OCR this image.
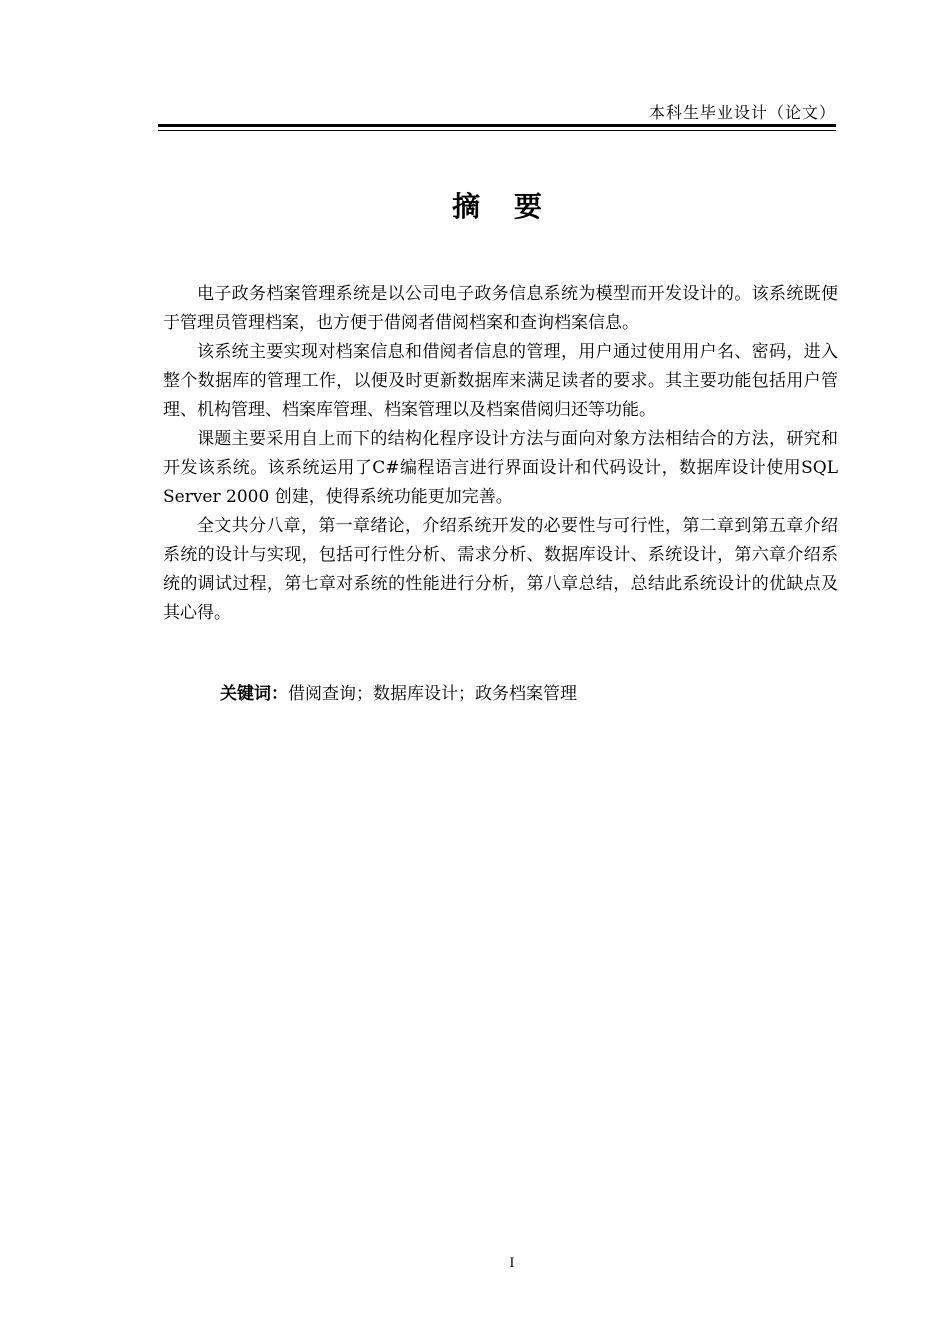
本科生毕业设计（论文）
摘 要

电子政务档案管理系统是以公司电子政务信息系统为模型而开发设计的。该系统既便于管理员管理档案，也方便于借阅者借阅档案和查询档案信息。

该系统主要实现对档案信息和借阅者信息的管理，用户通过使用用户名、密码，进入整个数据库的管理工作，以便及时更新数据库来满足读者的要求。其主要功能包括用户管理、机构管理、档案库管理、档案管理以及档案借阅归还等功能。

课题主要采用自上而下的结构化程序设计方法与面向对象方法相结合的方法，研究和开发该系统。该系统运用了C#编程语言进行界面设计和代码设计，数据库设计使用SQL Server 2000 创建，使得系统功能更加完善。

全文共分八章，第一章绪论，介绍系统开发的必要性与可行性，第二章到第五章介绍系统的设计与实现，包括可行性分析、需求分析、数据库设计、系统设计，第六章介绍系统的调试过程，第七章对系统的性能进行分析，第八章总结，总结此系统设计的优缺点及其心得。

关键词：借阅查询；数据库设计；政务档案管理
I
